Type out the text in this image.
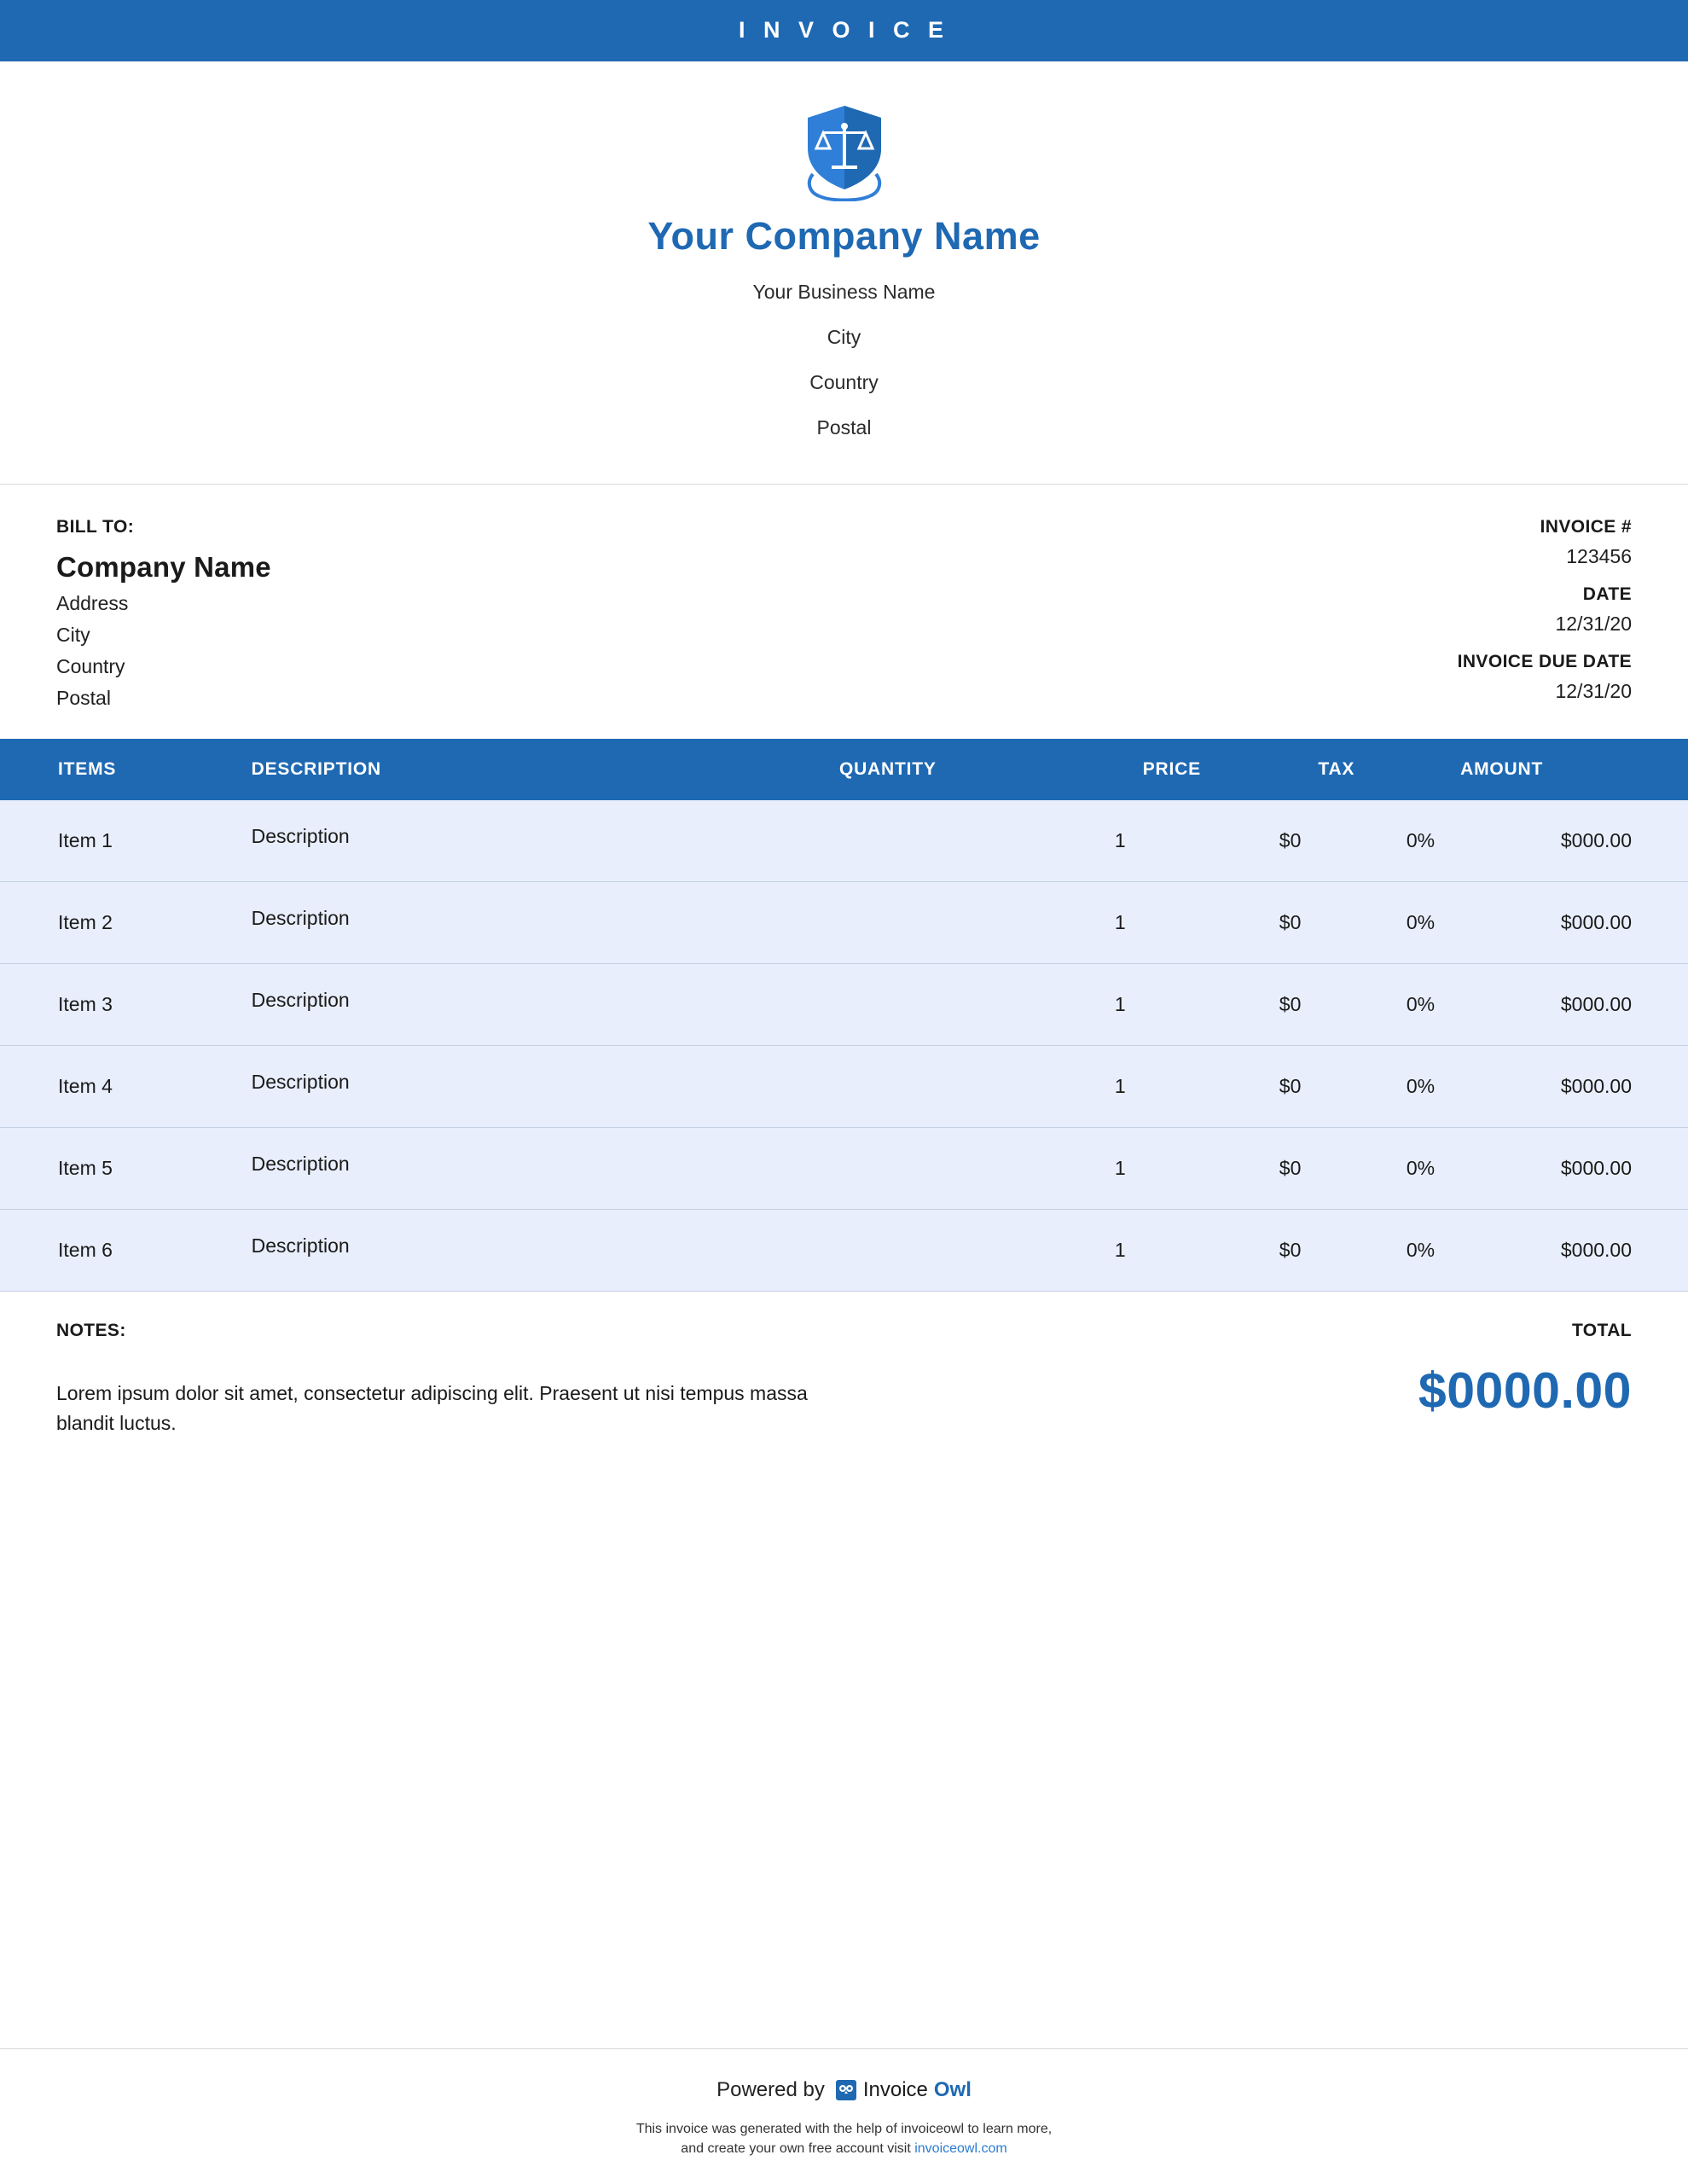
I N V O I C E
Your Company Name
Your Business Name
City
Country
Postal
BILL TO:
Company Name
Address
City
Country
Postal
INVOICE #
123456
DATE
12/31/20
INVOICE DUE DATE
12/31/20
ITEMS	DESCRIPTION	QUANTITY	PRICE	TAX	AMOUNT
Item 1	Description	1	$0	0%	$000.00
Item 2	Description	1	$0	0%	$000.00
Item 3	Description	1	$0	0%	$000.00
Item 4	Description	1	$0	0%	$000.00
Item 5	Description	1	$0	0%	$000.00
Item 6	Description	1	$0	0%	$000.00
NOTES:
Lorem ipsum dolor sit amet, consectetur adipiscing elit. Praesent ut nisi tempus massa blandit luctus.
TOTAL
$0000.00
Powered by Invoice Owl
This invoice was generated with the help of invoiceowl to learn more,
and create your own free account visit invoiceowl.com
